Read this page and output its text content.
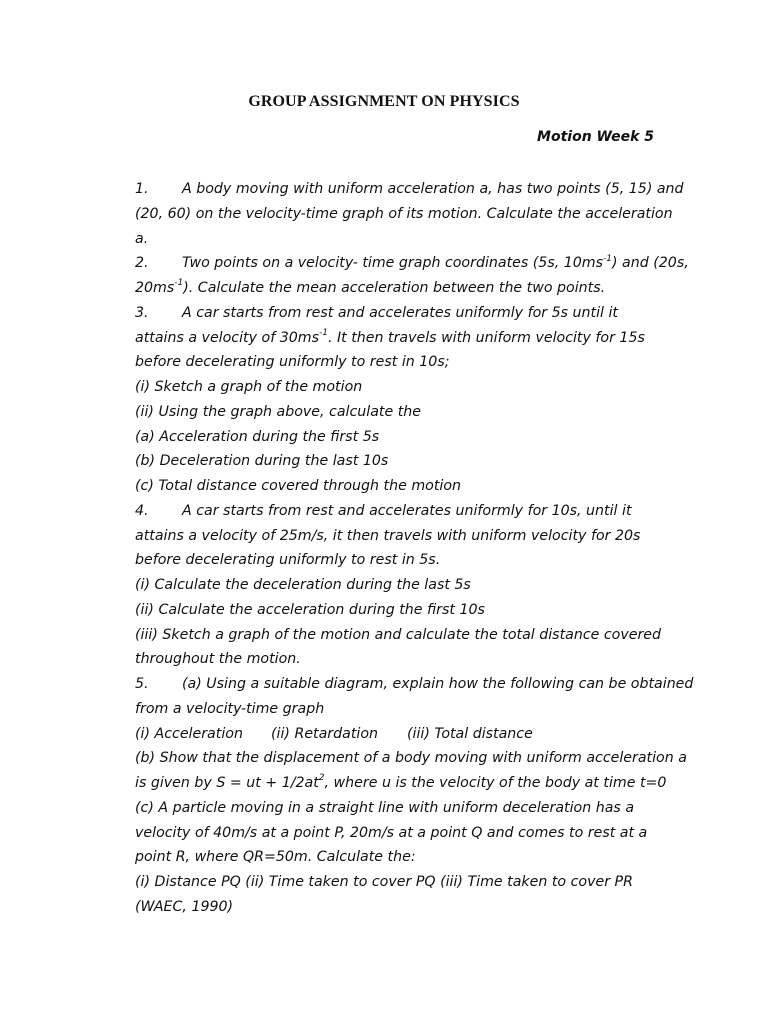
GROUP ASSIGNMENT ON PHYSICS
Motion Week 5
1. A body moving with uniform acceleration a, has two points (5, 15) and
(20, 60) on the velocity-time graph of its motion. Calculate the acceleration
a.
2. Two points on a velocity- time graph coordinates (5s, $10ms^{-1}$) and (20s,
$20ms^{-1}$). Calculate the mean acceleration between the two points.
3. A car starts from rest and accelerates uniformly for 5s until it
attains a velocity of $30ms^{-1}$. It then travels with uniform velocity for 15s
before decelerating uniformly to rest in 10s;
(i) Sketch a graph of the motion
(ii) Using the graph above, calculate the
(a) Acceleration during the first 5s
(b) Deceleration during the last 10s
(c) Total distance covered through the motion
4. A car starts from rest and accelerates uniformly for 10s, until it
attains a velocity of 25m/s, it then travels with uniform velocity for 20s
before decelerating uniformly to rest in 5s.
(i) Calculate the deceleration during the last 5s
(ii) Calculate the acceleration during the first 10s
(iii) Sketch a graph of the motion and calculate the total distance covered
throughout the motion.
5. (a) Using a suitable diagram, explain how the following can be obtained
from a velocity-time graph
(i) Acceleration (ii) Retardation (iii) Total distance
(b) Show that the displacement of a body moving with uniform acceleration a
is given by S = ut + $1/2at^2$, where u is the velocity of the body at time t=0
(c) A particle moving in a straight line with uniform deceleration has a
velocity of 40m/s at a point P, 20m/s at a point Q and comes to rest at a
point R, where QR=50m. Calculate the:
(i) Distance PQ (ii) Time taken to cover PQ (iii) Time taken to cover PR
(WAEC, 1990)
